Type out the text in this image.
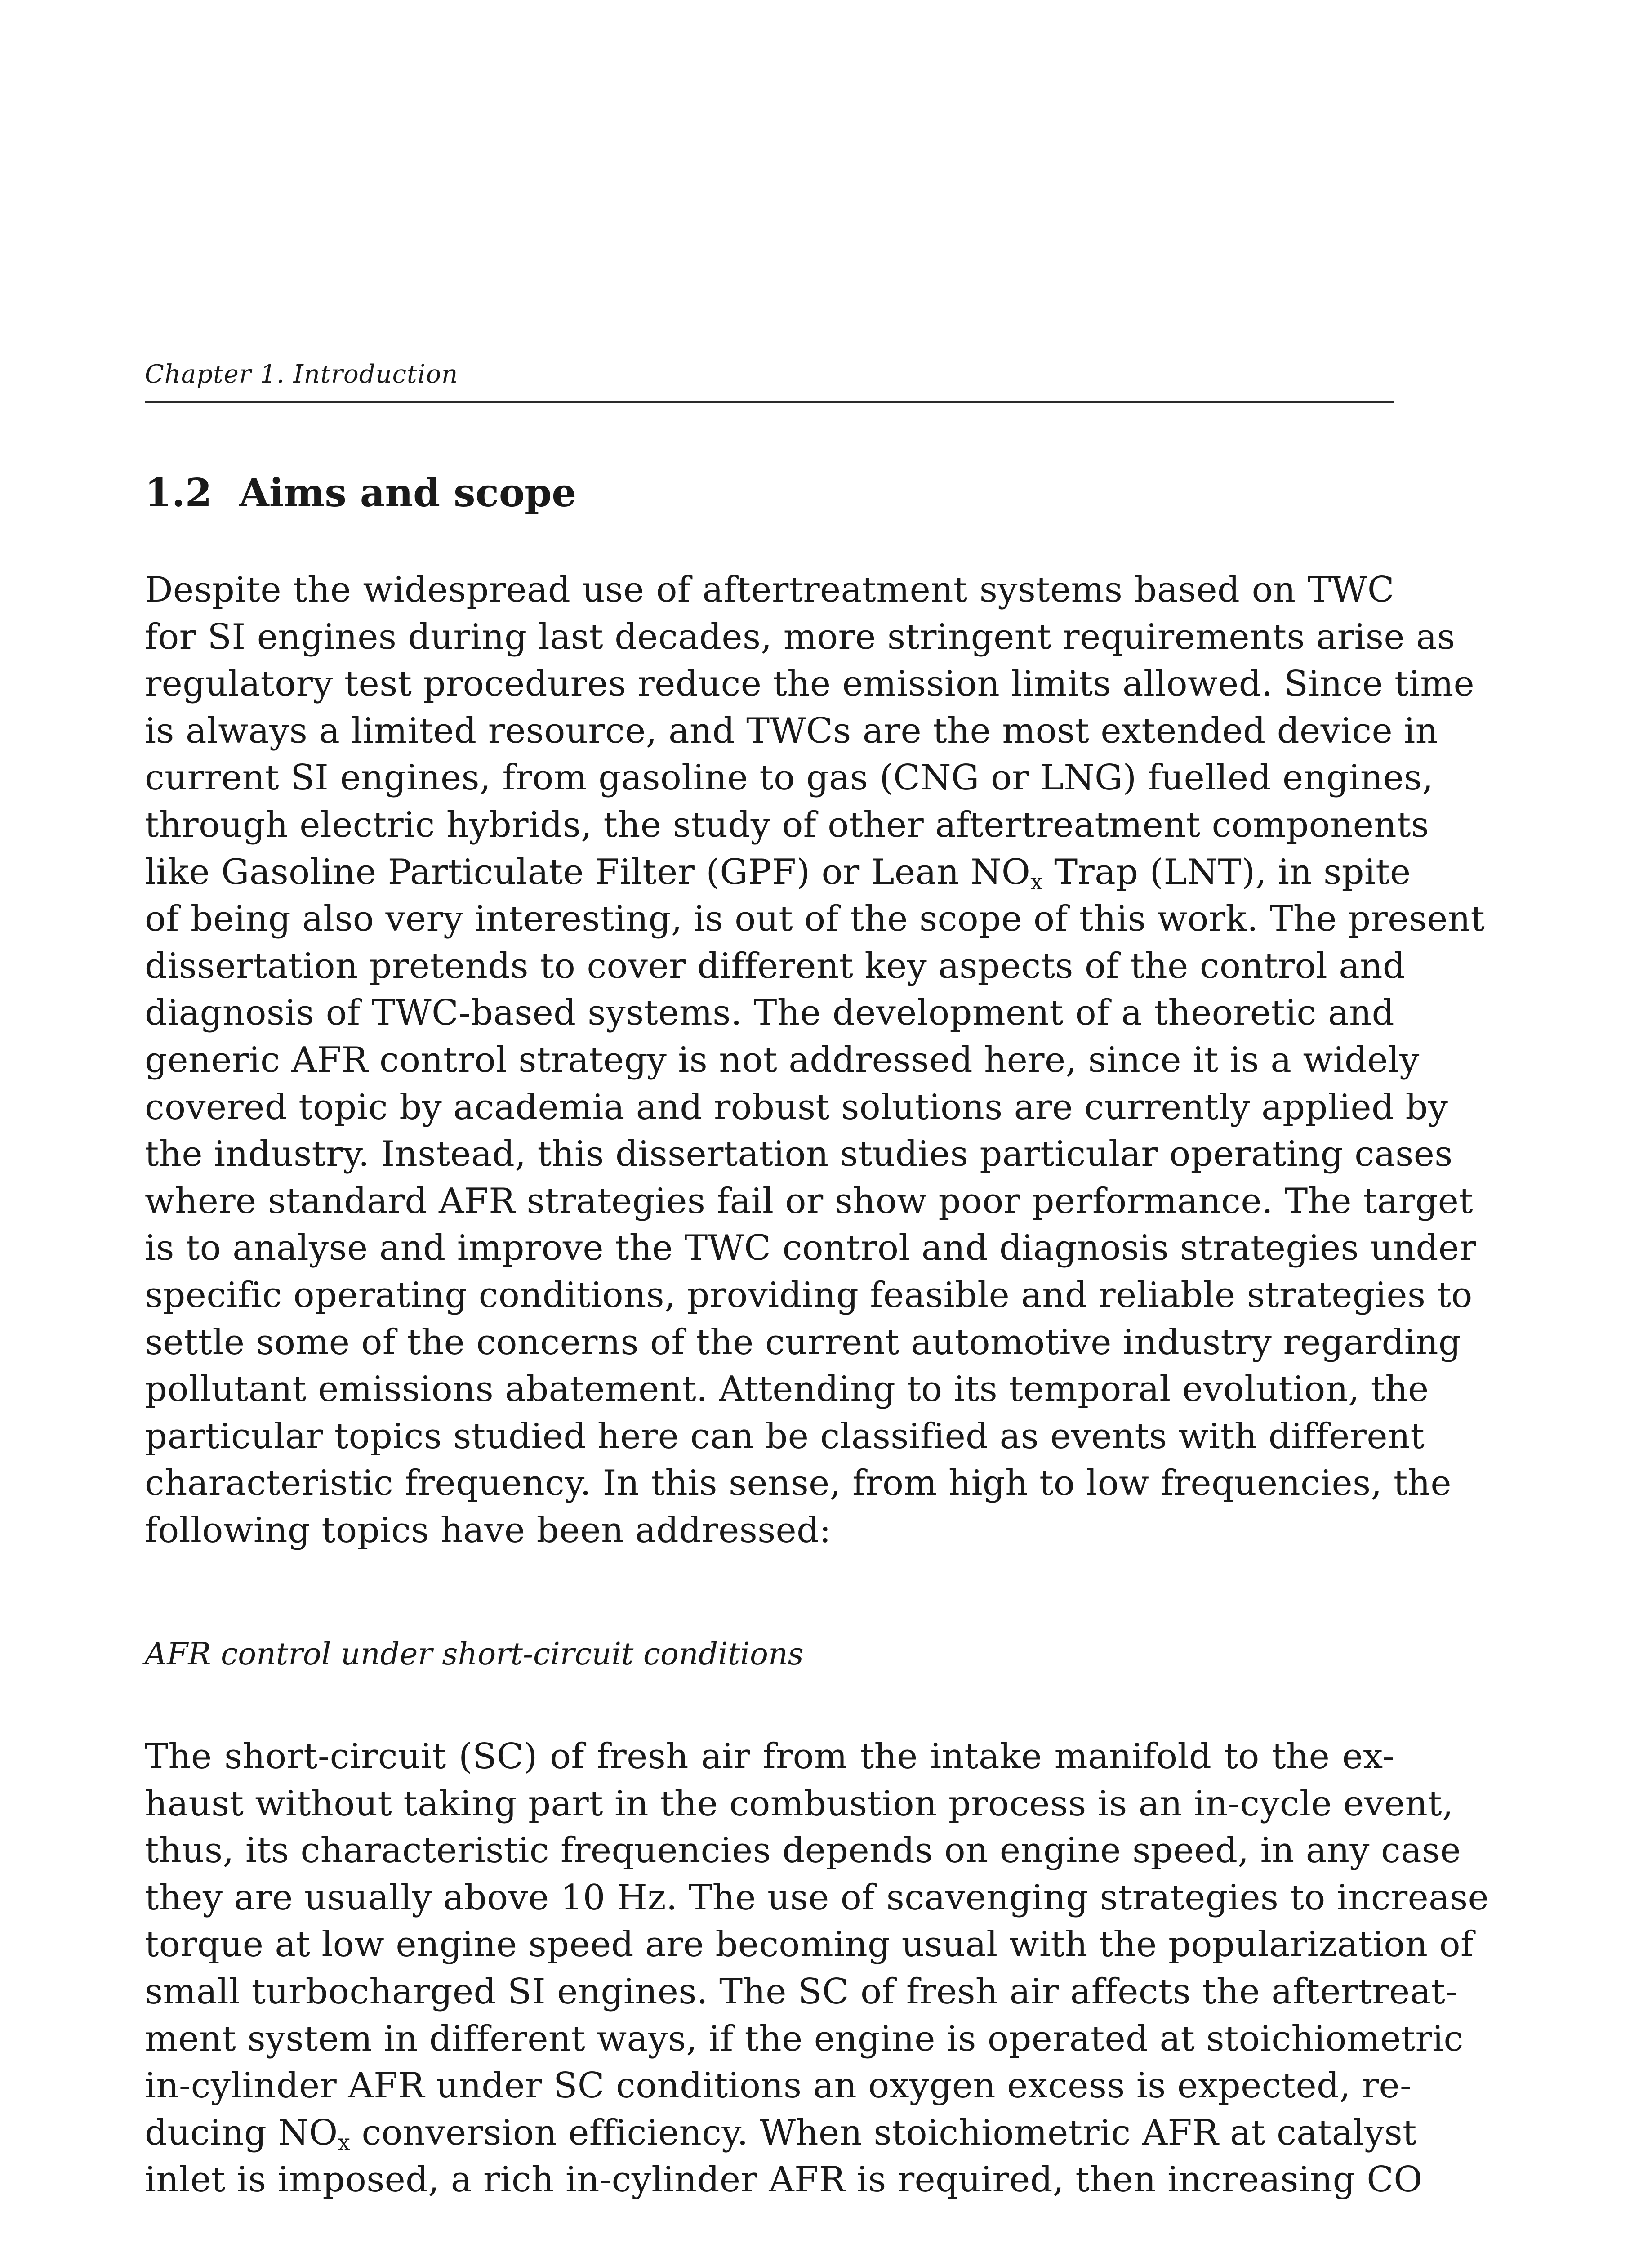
Chapter 1. Introduction
1.2 Aims and scope
Despite the widespread use of aftertreatment systems based on TWC
for SI engines during last decades, more stringent requirements arise as
regulatory test procedures reduce the emission limits allowed. Since time
is always a limited resource, and TWCs are the most extended device in
current SI engines, from gasoline to gas (CNG or LNG) fuelled engines,
through electric hybrids, the study of other aftertreatment components
like Gasoline Particulate Filter (GPF) or Lean $NO_x$ Trap (LNT), in spite
of being also very interesting, is out of the scope of this work. The present
dissertation pretends to cover different key aspects of the control and
diagnosis of TWC-based systems. The development of a theoretic and
generic AFR control strategy is not addressed here, since it is a widely
covered topic by academia and robust solutions are currently applied by
the industry. Instead, this dissertation studies particular operating cases
where standard AFR strategies fail or show poor performance. The target
is to analyse and improve the TWC control and diagnosis strategies under
specific operating conditions, providing feasible and reliable strategies to
settle some of the concerns of the current automotive industry regarding
pollutant emissions abatement. Attending to its temporal evolution, the
particular topics studied here can be classified as events with different
characteristic frequency. In this sense, from high to low frequencies, the
following topics have been addressed:
AFR control under short-circuit conditions
The short-circuit (SC) of fresh air from the intake manifold to the ex-
haust without taking part in the combustion process is an in-cycle event,
thus, its characteristic frequencies depends on engine speed, in any case
they are usually above 10 Hz. The use of scavenging strategies to increase
torque at low engine speed are becoming usual with the popularization of
small turbocharged SI engines. The SC of fresh air affects the aftertreat-
ment system in different ways, if the engine is operated at stoichiometric
in-cylinder AFR under SC conditions an oxygen excess is expected, re-
ducing $NO_x$ conversion efficiency. When stoichiometric AFR at catalyst
inlet is imposed, a rich in-cylinder AFR is required, then increasing CO
